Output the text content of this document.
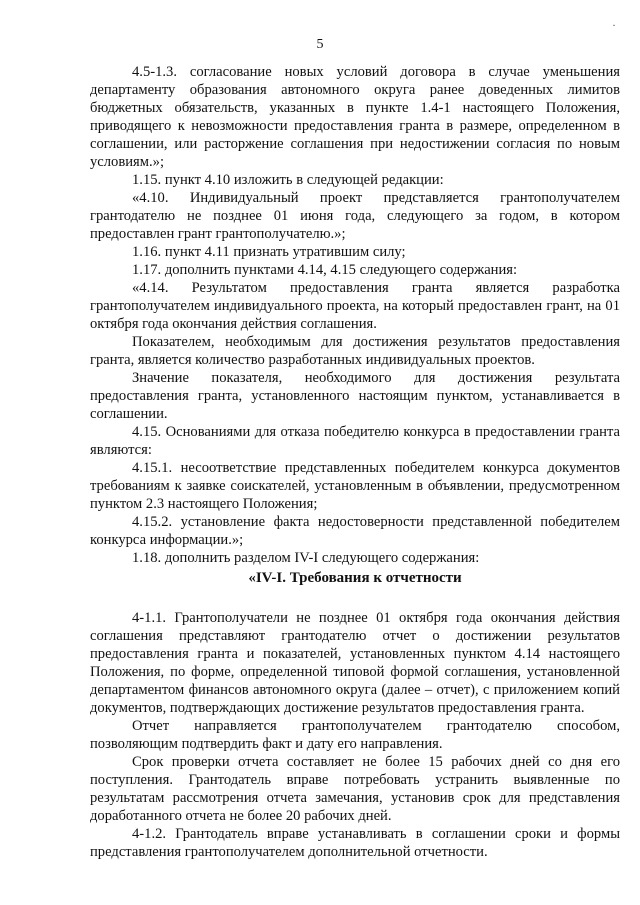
·
5

4.5-1.3. согласование новых условий договора в случае уменьшения департаменту образования автономного округа ранее доведенных лимитов бюджетных обязательств, указанных в пункте 1.4-1 настоящего Положения, приводящего к невозможности предоставления гранта в размере, определенном в соглашении, или расторжение соглашения при недостижении согласия по новым условиям.»;

1.15. пункт 4.10 изложить в следующей редакции:

«4.10. Индивидуальный проект представляется грантополучателем грантодателю не позднее 01 июня года, следующего за годом, в котором предоставлен грант грантополучателю.»;

1.16. пункт 4.11 признать утратившим силу;

1.17. дополнить пунктами 4.14, 4.15 следующего содержания:

«4.14. Результатом предоставления гранта является разработка грантополучателем индивидуального проекта, на который предоставлен грант, на 01 октября года окончания действия соглашения.

Показателем, необходимым для достижения результатов предоставления гранта, является количество разработанных индивидуальных проектов.

Значение показателя, необходимого для достижения результата предоставления гранта, установленного настоящим пунктом, устанавливается в соглашении.

4.15. Основаниями для отказа победителю конкурса в предоставлении гранта являются:

4.15.1. несоответствие представленных победителем конкурса документов требованиям к заявке соискателей, установленным в объявлении, предусмотренном пунктом 2.3 настоящего Положения;

4.15.2. установление факта недостоверности представленной победителем конкурса информации.»;

1.18. дополнить разделом IV-I следующего содержания:

«IV-I. Требования к отчетности

4-1.1. Грантополучатели не позднее 01 октября года окончания действия соглашения представляют грантодателю отчет о достижении результатов предоставления гранта и показателей, установленных пунктом 4.14 настоящего Положения, по форме, определенной типовой формой соглашения, установленной департаментом финансов автономного округа (далее – отчет), с приложением копий документов, подтверждающих достижение результатов предоставления гранта.

Отчет направляется грантополучателем грантодателю способом, позволяющим подтвердить факт и дату его направления.

Срок проверки отчета составляет не более 15 рабочих дней со дня его поступления. Грантодатель вправе потребовать устранить выявленные по результатам рассмотрения отчета замечания, установив срок для представления доработанного отчета не более 20 рабочих дней.

4-1.2. Грантодатель вправе устанавливать в соглашении сроки и формы представления грантополучателем дополнительной отчетности.
